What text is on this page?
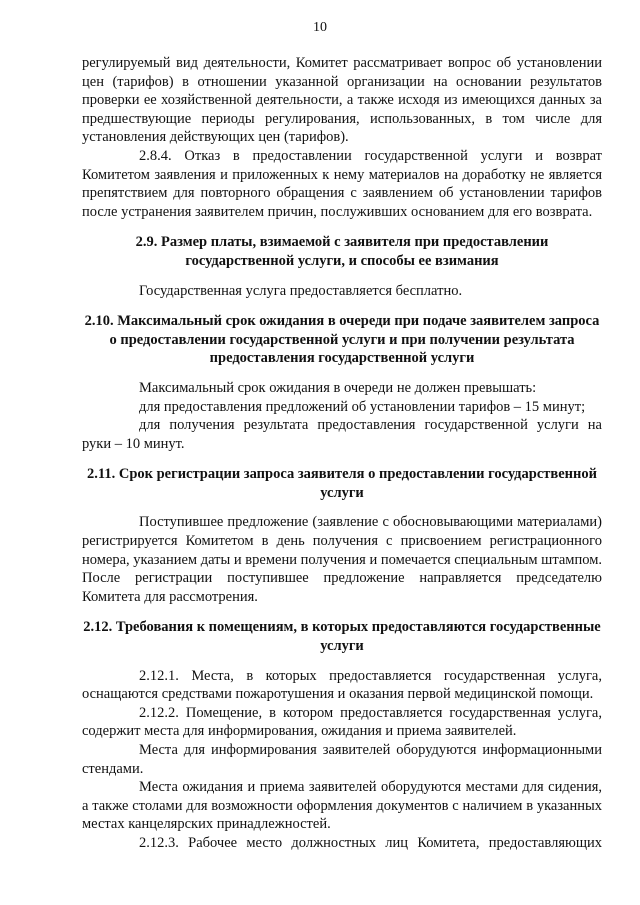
10

регулируемый вид деятельности, Комитет рассматривает вопрос об установлении цен (тарифов) в отношении указанной организации на основании результатов проверки ее хозяйственной деятельности, а также исходя из имеющихся данных за предшествующие периоды регулирования, использованных, в том числе для установления действующих цен (тарифов).

2.8.4. Отказ в предоставлении государственной услуги и возврат Комитетом заявления и приложенных к нему материалов на доработку не является препятствием для повторного обращения с заявлением об установлении тарифов после устранения заявителем причин, послуживших основанием для его возврата.

2.9. Размер платы, взимаемой с заявителя при предоставлении государственной услуги, и способы ее взимания

Государственная услуга предоставляется бесплатно.

2.10. Максимальный срок ожидания в очереди при подаче заявителем запроса о предоставлении государственной услуги и при получении результата предоставления государственной услуги

Максимальный срок ожидания в очереди не должен превышать:

для предоставления предложений об установлении тарифов – 15 минут;

для получения результата предоставления государственной услуги на руки – 10 минут.

2.11. Срок регистрации запроса заявителя о предоставлении государственной услуги

Поступившее предложение (заявление с обосновывающими материалами) регистрируется Комитетом в день получения с присвоением регистрационного номера, указанием даты и времени получения и помечается специальным штампом. После регистрации поступившее предложение направляется председателю Комитета для рассмотрения.

2.12. Требования к помещениям, в которых предоставляются государственные услуги

2.12.1. Места, в которых предоставляется государственная услуга, оснащаются средствами пожаротушения и оказания первой медицинской помощи.

2.12.2. Помещение, в котором предоставляется государственная услуга, содержит места для информирования, ожидания и приема заявителей.

Места для информирования заявителей оборудуются информационными стендами.

Места ожидания и приема заявителей оборудуются местами для сидения, а также столами для возможности оформления документов с наличием в указанных местах канцелярских принадлежностей.

2.12.3. Рабочее место должностных лиц Комитета, предоставляющих
